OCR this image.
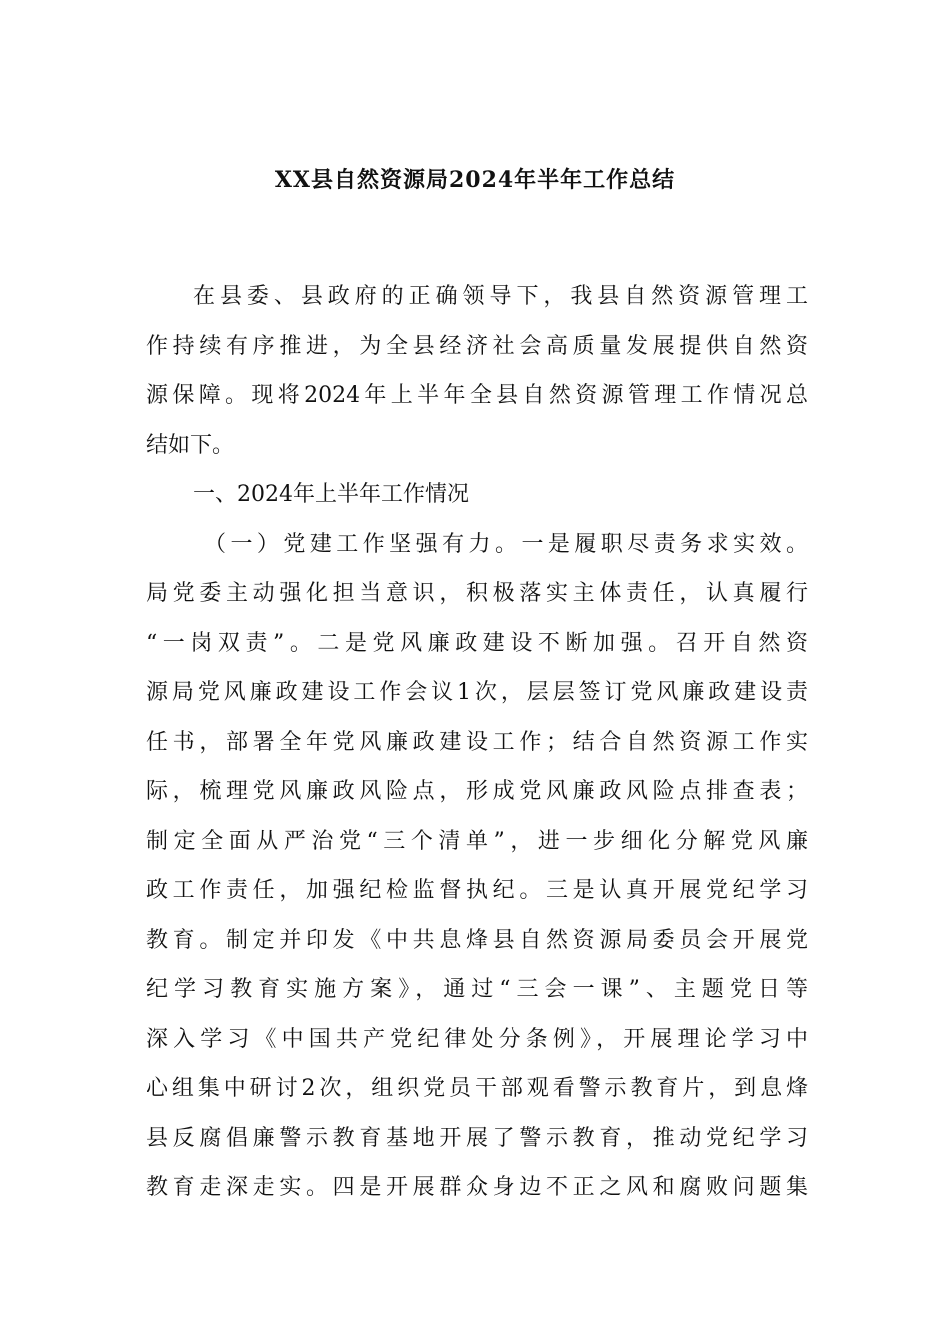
XX县自然资源局2024年半年工作总结
在县委、县政府的正确领导下，我县自然资源管理工
作持续有序推进，为全县经济社会高质量发展提供自然资
源保障。现将2024年上半年全县自然资源管理工作情况总
结如下。
一、2024年上半年工作情况
（一）党建工作坚强有力。一是履职尽责务求实效。
局党委主动强化担当意识，积极落实主体责任，认真履行
“一岗双责”。二是党风廉政建设不断加强。召开自然资
源局党风廉政建设工作会议1次，层层签订党风廉政建设责
任书，部署全年党风廉政建设工作；结合自然资源工作实
际，梳理党风廉政风险点，形成党风廉政风险点排查表；
制定全面从严治党“三个清单”，进一步细化分解党风廉
政工作责任，加强纪检监督执纪。三是认真开展党纪学习
教育。制定并印发《中共息烽县自然资源局委员会开展党
纪学习教育实施方案》，通过“三会一课”、主题党日等
深入学习《中国共产党纪律处分条例》，开展理论学习中
心组集中研讨2次，组织党员干部观看警示教育片，到息烽
县反腐倡廉警示教育基地开展了警示教育，推动党纪学习
教育走深走实。四是开展群众身边不正之风和腐败问题集
